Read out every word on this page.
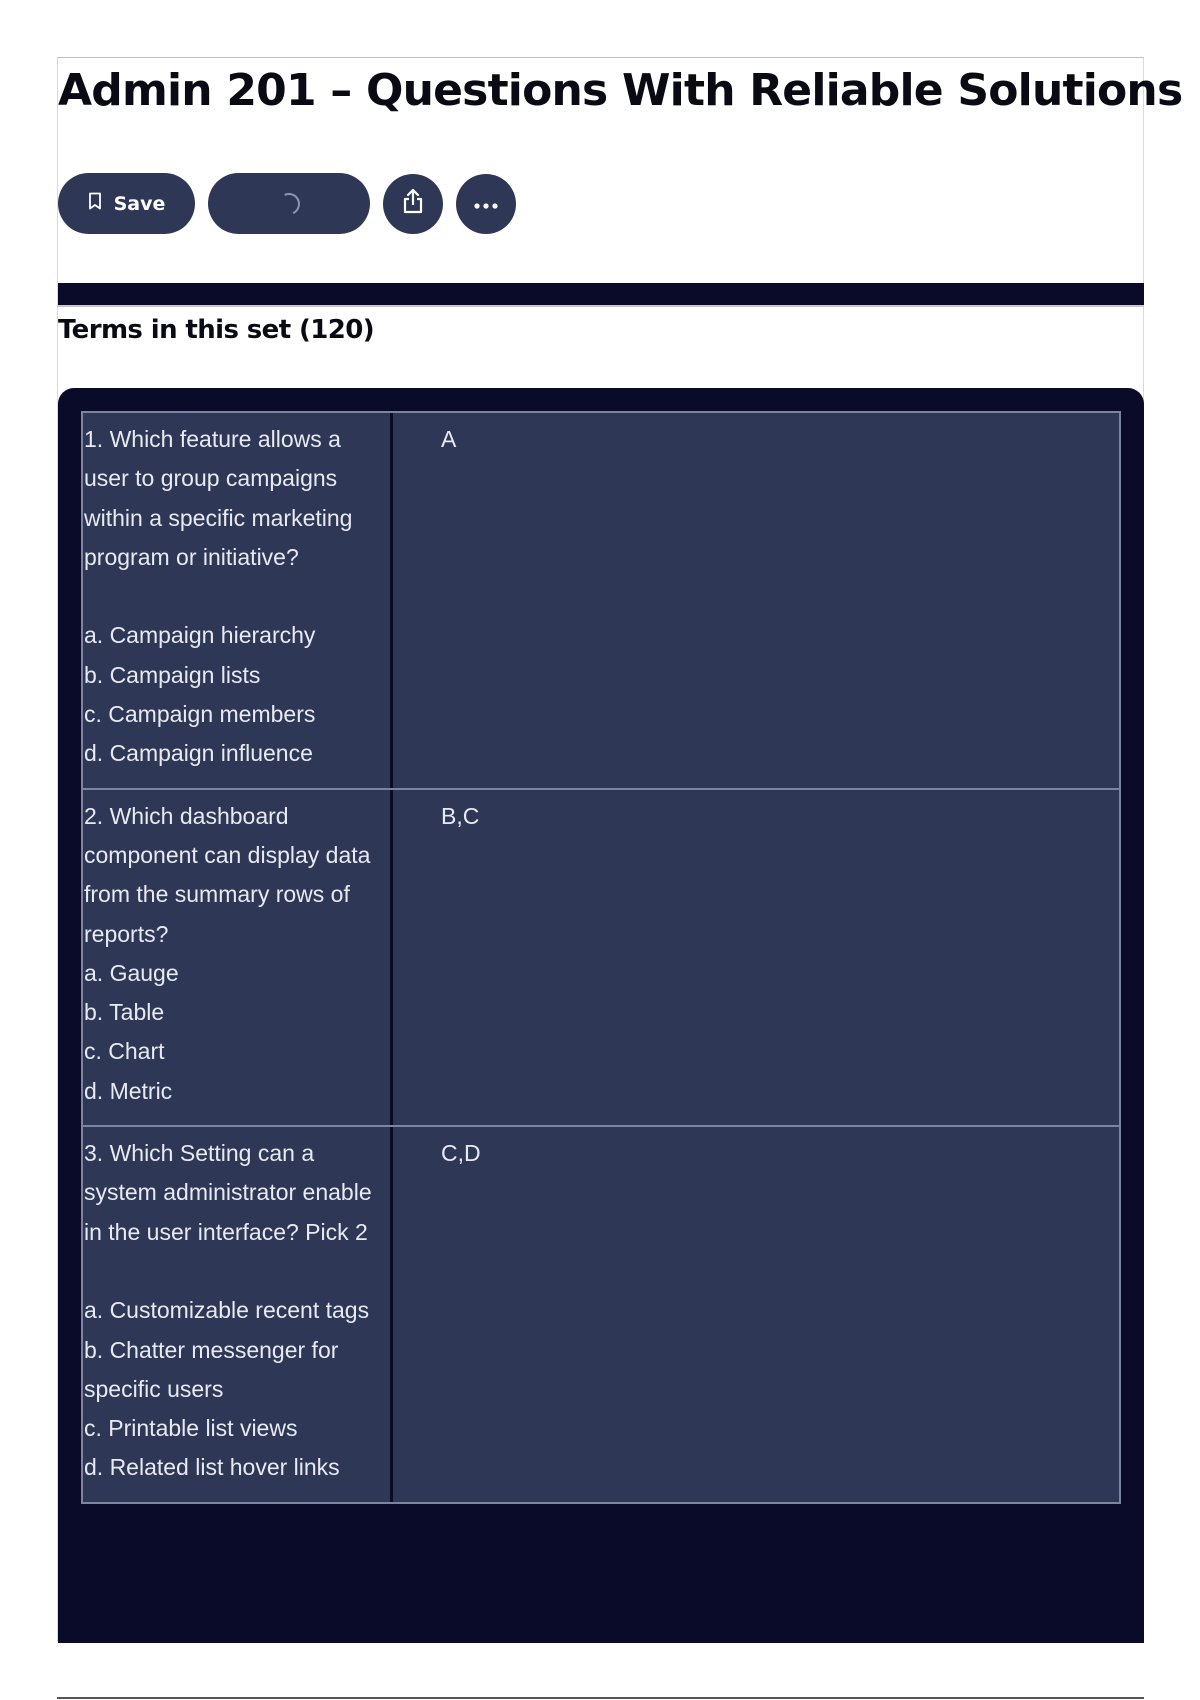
Admin 201 – Questions With Reliable Solutions
Save
Terms in this set (120)
1. Which feature allows a user to group campaigns within a specific marketing program or initiative?

a. Campaign hierarchy
b. Campaign lists
c. Campaign members
d. Campaign influence
A
2. Which dashboard component can display data from the summary rows of reports?
a. Gauge
b. Table
c. Chart
d. Metric
B,C
3. Which Setting can a system administrator enable in the user interface? Pick 2

a. Customizable recent tags
b. Chatter messenger for specific users
c. Printable list views
d. Related list hover links
C,D
